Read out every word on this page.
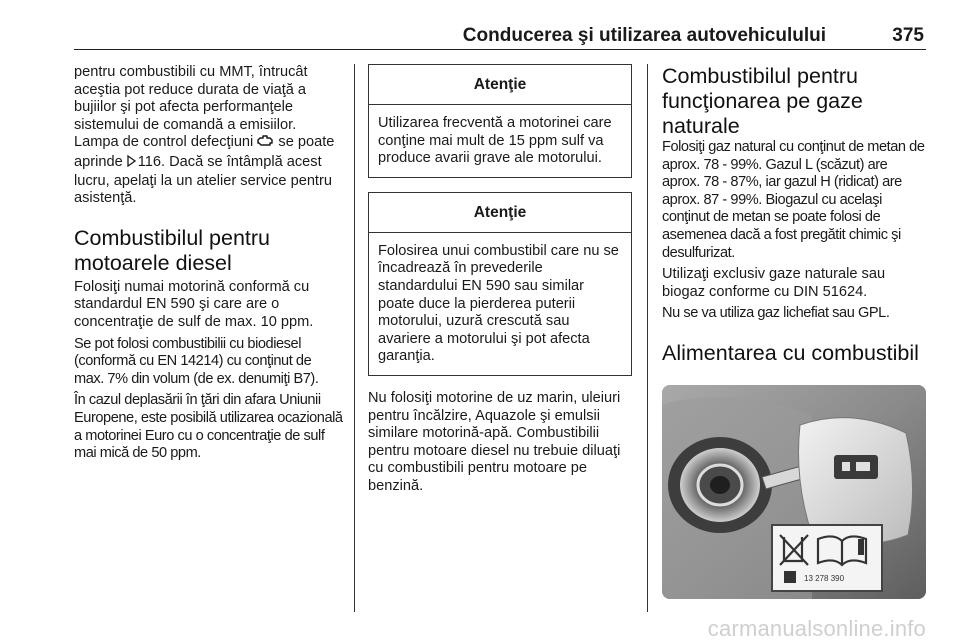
Conducerea şi utilizarea autovehiculului	375

pentru combustibili cu MMT, întrucât aceştia pot reduce durata de viaţă a bujiilor şi pot afecta performanţele sistemului de comandă a emisiilor. Lampa de control defecţiuni se poate aprinde 116. Dacă se întâmplă acest lucru, apelaţi la un atelier service pentru asistenţă.

Combustibilul pentru motoarele diesel

Folosiţi numai motorină conformă cu standardul EN 590 şi care are o concentraţie de sulf de max. 10 ppm.

Se pot folosi combustibilii cu biodiesel (conformă cu EN 14214) cu conţinut de max. 7% din volum (de ex. denumiţi B7).

În cazul deplasării în ţări din afara Uniunii Europene, este posibilă utilizarea ocazională a motorinei Euro cu o concentraţie de sulf mai mică de 50 ppm.

Atenţie

Utilizarea frecventă a motorinei care conţine mai mult de 15 ppm sulf va produce avarii grave ale motorului.

Atenţie

Folosirea unui combustibil care nu se încadrează în prevederile standardului EN 590 sau similar poate duce la pierderea puterii motorului, uzură crescută sau avariere a motorului şi pot afecta garanţia.

Nu folosiţi motorine de uz marin, uleiuri pentru încălzire, Aquazole şi emulsii similare motorină-apă. Combustibilii pentru motoare diesel nu trebuie diluaţi cu combustibili pentru motoare pe benzină.

Combustibilul pentru funcţionarea pe gaze naturale

Folosiţi gaz natural cu conţinut de metan de aprox. 78 - 99%. Gazul L (scăzut) are aprox. 78 - 87%, iar gazul H (ridicat) are aprox. 87 - 99%. Biogazul cu acelaşi conţinut de metan se poate folosi de asemenea dacă a fost pregătit chimic şi desulfurizat.

Utilizaţi exclusiv gaze naturale sau biogaz conforme cu DIN 51624.

Nu se va utiliza gaz lichefiat sau GPL.

Alimentarea cu combustibil
13 278 390
carmanualsonline.info
